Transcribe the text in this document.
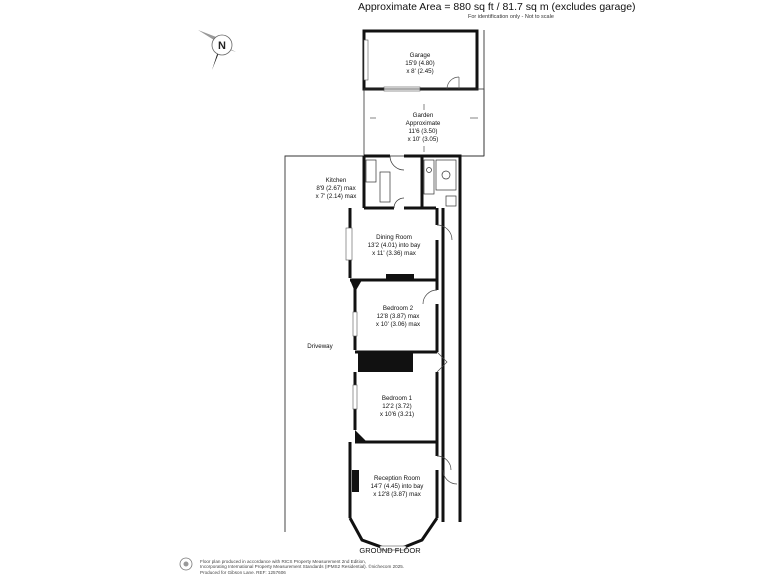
Approximate Area = 880 sq ft / 81.7 sq m (excludes garage)
For identification only - Not to scale
N
Garage
15'9 (4.80)
x 8' (2.45)
Garden
Approximate
11'6 (3.50)
x 10' (3.05)
Kitchen
8'9 (2.67) max
x 7' (2.14) max
Dining Room
13'2 (4.01) into bay
x 11' (3.36) max
Bedroom 2
12'8 (3.87) max
x 10' (3.06) max
Bedroom 1
12'2 (3.72)
x 10'6 (3.21)
Reception Room
14'7 (4.45) into bay
x 12'8 (3.87) max
Driveway
GROUND FLOOR
Floor plan produced in accordance with RICS Property Measurement 2nd Edition,
Incorporating International Property Measurement Standards (IPMS2 Residential). ©nichecom 2025.
Produced for Gibson Lane. REF: 1257606
